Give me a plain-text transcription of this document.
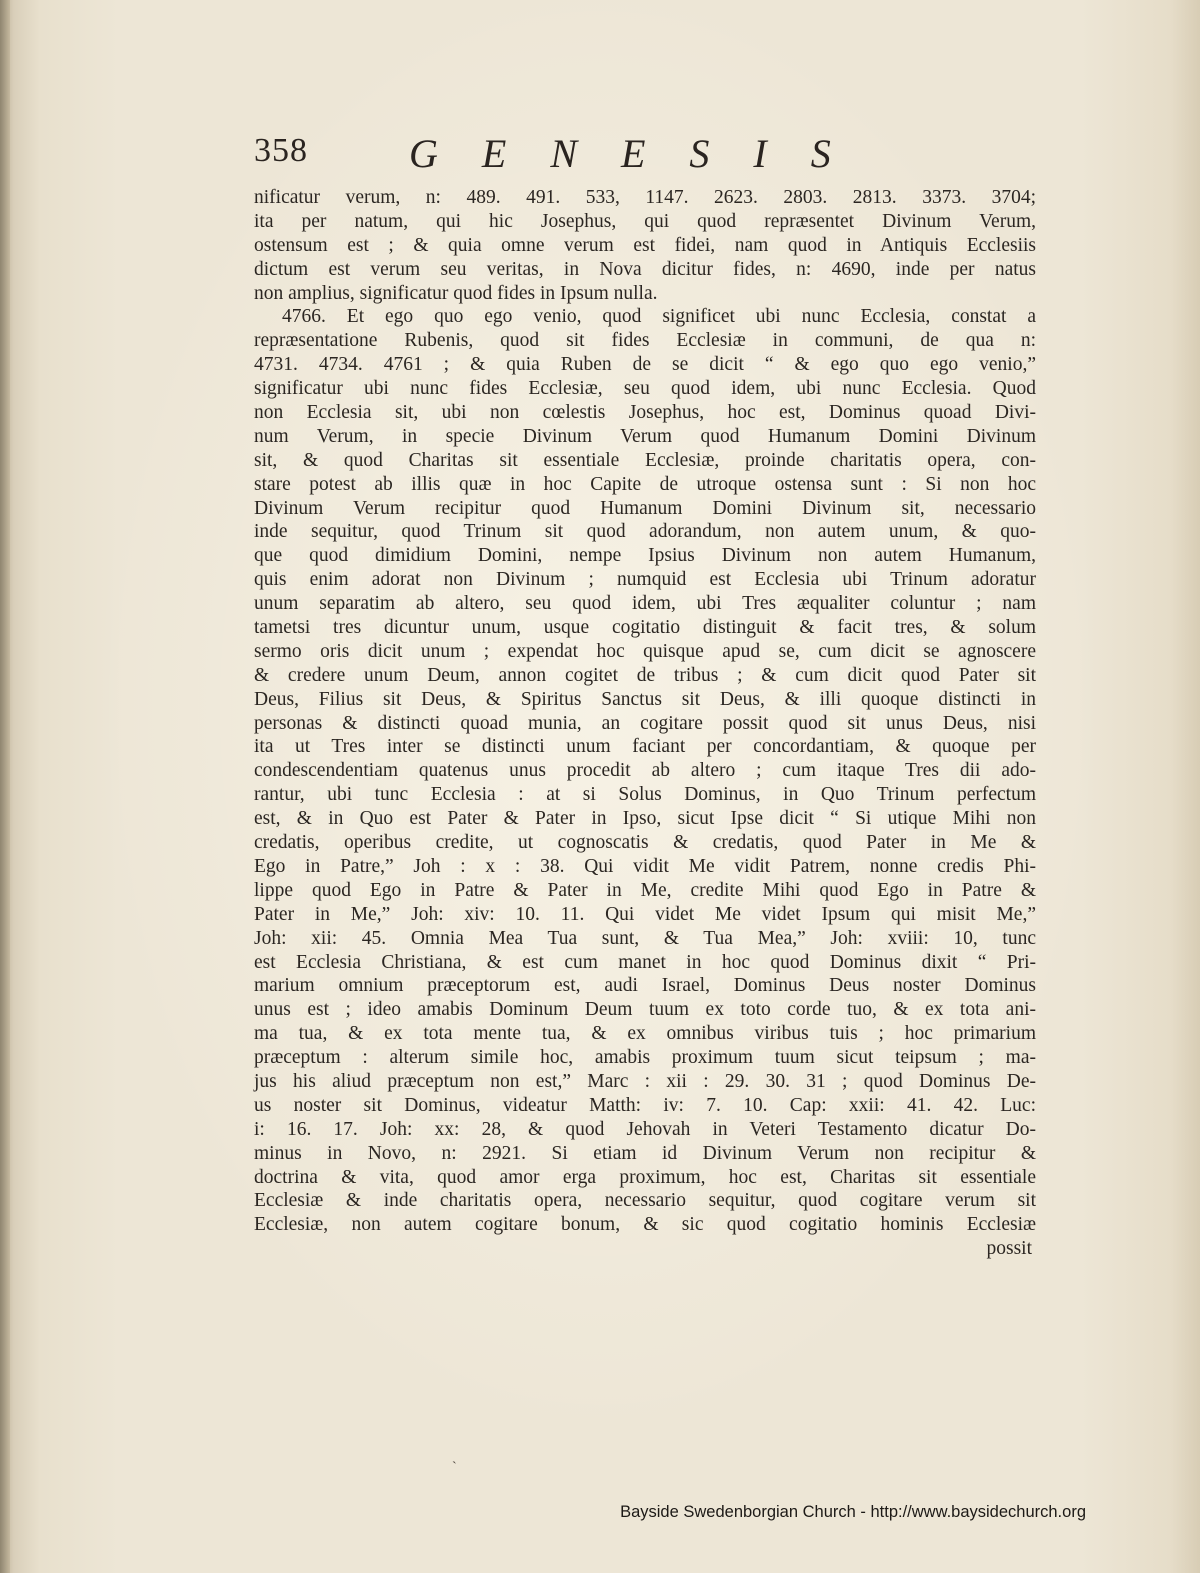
358	GENESIS
nificatur verum, n: 489. 491. 533, 1147. 2623. 2803. 2813. 3373. 3704;
ita per natum, qui hic Josephus, qui quod repræsentet Divinum Verum,
ostensum est ; & quia omne verum est fidei, nam quod in Antiquis Ecclesiis
dictum est verum seu veritas, in Nova dicitur fides, n: 4690, inde per natus
non amplius, significatur quod fides in Ipsum nulla.
4766. Et ego quo ego venio, quod significet ubi nunc Ecclesia, constat a
repræsentatione Rubenis, quod sit fides Ecclesiæ in communi, de qua n:
4731. 4734. 4761 ; & quia Ruben de se dicit “ & ego quo ego venio,”
significatur ubi nunc fides Ecclesiæ, seu quod idem, ubi nunc Ecclesia. Quod
non Ecclesia sit, ubi non cœlestis Josephus, hoc est, Dominus quoad Divi-
num Verum, in specie Divinum Verum quod Humanum Domini Divinum
sit, & quod Charitas sit essentiale Ecclesiæ, proinde charitatis opera, con-
stare potest ab illis quæ in hoc Capite de utroque ostensa sunt : Si non hoc
Divinum Verum recipitur quod Humanum Domini Divinum sit, necessario
inde sequitur, quod Trinum sit quod adorandum, non autem unum, & quo-
que quod dimidium Domini, nempe Ipsius Divinum non autem Humanum,
quis enim adorat non Divinum ; numquid est Ecclesia ubi Trinum adoratur
unum separatim ab altero, seu quod idem, ubi Tres æqualiter coluntur ; nam
tametsi tres dicuntur unum, usque cogitatio distinguit & facit tres, & solum
sermo oris dicit unum ; expendat hoc quisque apud se, cum dicit se agnoscere
& credere unum Deum, annon cogitet de tribus ; & cum dicit quod Pater sit
Deus, Filius sit Deus, & Spiritus Sanctus sit Deus, & illi quoque distincti in
personas & distincti quoad munia, an cogitare possit quod sit unus Deus, nisi
ita ut Tres inter se distincti unum faciant per concordantiam, & quoque per
condescendentiam quatenus unus procedit ab altero ; cum itaque Tres dii ado-
rantur, ubi tunc Ecclesia : at si Solus Dominus, in Quo Trinum perfectum
est, & in Quo est Pater & Pater in Ipso, sicut Ipse dicit “ Si utique Mihi non
credatis, operibus credite, ut cognoscatis & credatis, quod Pater in Me &
Ego in Patre,” Joh : x : 38. Qui vidit Me vidit Patrem, nonne credis Phi-
lippe quod Ego in Patre & Pater in Me, credite Mihi quod Ego in Patre &
Pater in Me,” Joh: xiv: 10. 11. Qui videt Me videt Ipsum qui misit Me,”
Joh: xii: 45. Omnia Mea Tua sunt, & Tua Mea,” Joh: xviii: 10, tunc
est Ecclesia Christiana, & est cum manet in hoc quod Dominus dixit “ Pri-
marium omnium præceptorum est, audi Israel, Dominus Deus noster Dominus
unus est ; ideo amabis Dominum Deum tuum ex toto corde tuo, & ex tota ani-
ma tua, & ex tota mente tua, & ex omnibus viribus tuis ; hoc primarium
præceptum : alterum simile hoc, amabis proximum tuum sicut teipsum ; ma-
jus his aliud præceptum non est,” Marc : xii : 29. 30. 31 ; quod Dominus De-
us noster sit Dominus, videatur Matth: iv: 7. 10. Cap: xxii: 41. 42. Luc:
i: 16. 17. Joh: xx: 28, & quod Jehovah in Veteri Testamento dicatur Do-
minus in Novo, n: 2921. Si etiam id Divinum Verum non recipitur &
doctrina & vita, quod amor erga proximum, hoc est, Charitas sit essentiale
Ecclesiæ & inde charitatis opera, necessario sequitur, quod cogitare verum sit
Ecclesiæ, non autem cogitare bonum, & sic quod cogitatio hominis Ecclesiæ
possit
`
Bayside Swedenborgian Church - http://www.baysidechurch.org
